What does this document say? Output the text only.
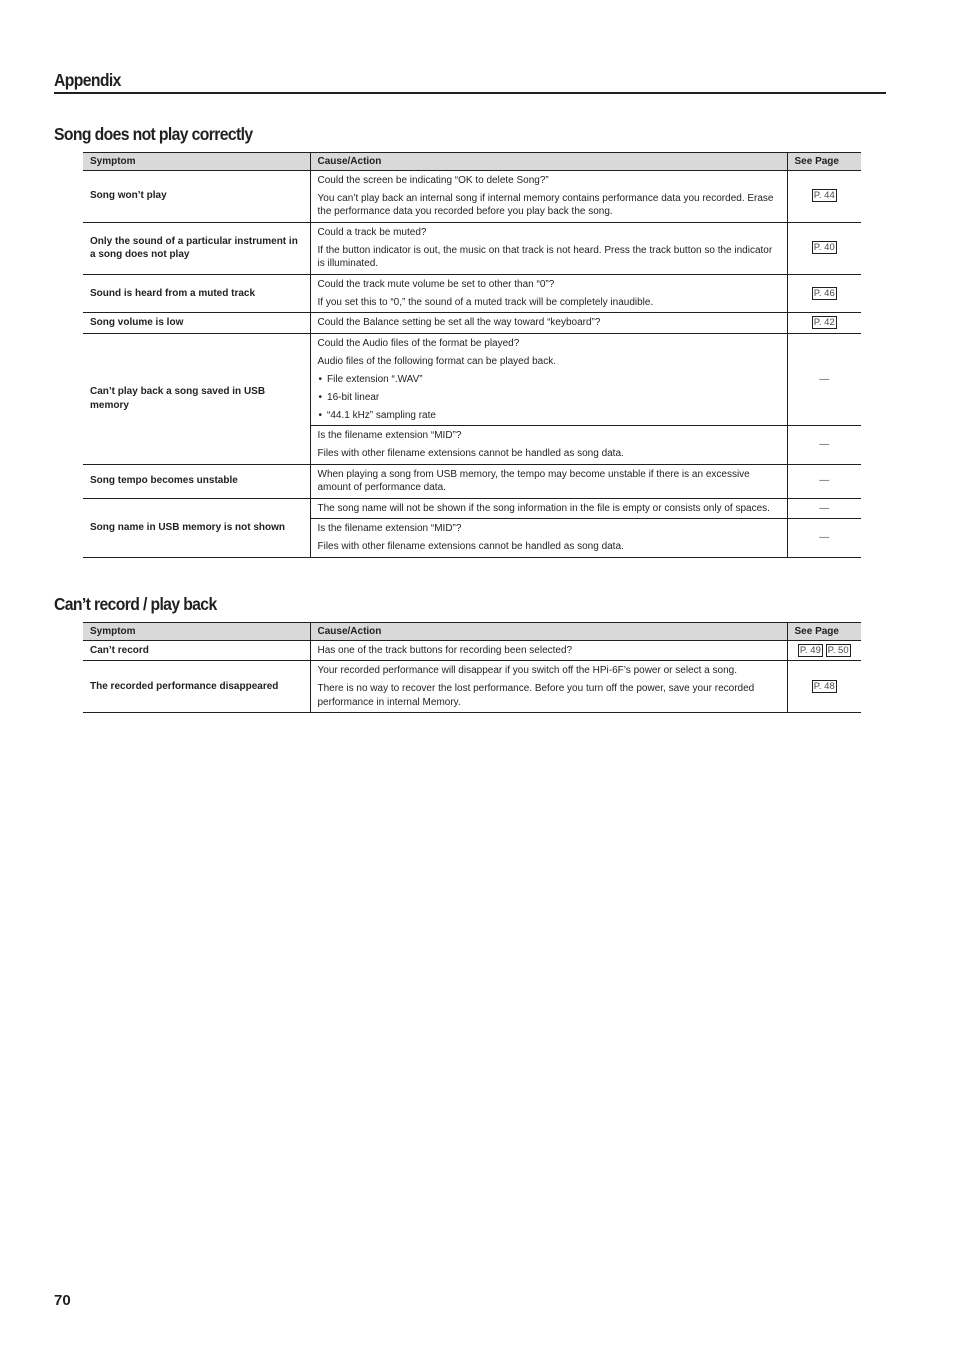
Appendix
Song does not play correctly
Symptom	Cause/Action	See Page
Song won’t play	Could the screen be indicating “OK to delete Song?”

You can’t play back an internal song if internal memory contains performance data you recorded. Erase the performance data you recorded before you play back the song.	P. 44
Only the sound of a particular instrument in a song does not play	Could a track be muted?

If the button indicator is out, the music on that track is not heard. Press the track button so the indicator is illuminated.	P. 40
Sound is heard from a muted track	Could the track mute volume be set to other than “0”?

If you set this to “0,” the sound of a muted track will be completely inaudible.	P. 46
Song volume is low	Could the Balance setting be set all the way toward “keyboard”?	P. 42
Can’t play back a song saved in USB memory	Could the Audio files of the format be played?

Audio files of the following format can be played back.

• File extension “.WAV”

• 16-bit linear

• “44.1 kHz” sampling rate	—

	Is the filename extension “MID”?

Files with other filename extensions cannot be handled as song data.	—
Song tempo becomes unstable	When playing a song from USB memory, the tempo may become unstable if there is an excessive amount of performance data.	—
Song name in USB memory is not shown	The song name will not be shown if the song information in the file is empty or consists only of spaces.	—

	Is the filename extension “MID”?

Files with other filename extensions cannot be handled as song data.	—
Can’t record / play back
Symptom	Cause/Action	See Page
Can’t record	Has one of the track buttons for recording been selected?	P. 49 P. 50
The recorded performance disappeared	Your recorded performance will disappear if you switch off the HPi-6F’s power or select a song.

There is no way to recover the lost performance. Before you turn off the power, save your recorded performance in internal Memory.	P. 48
70
